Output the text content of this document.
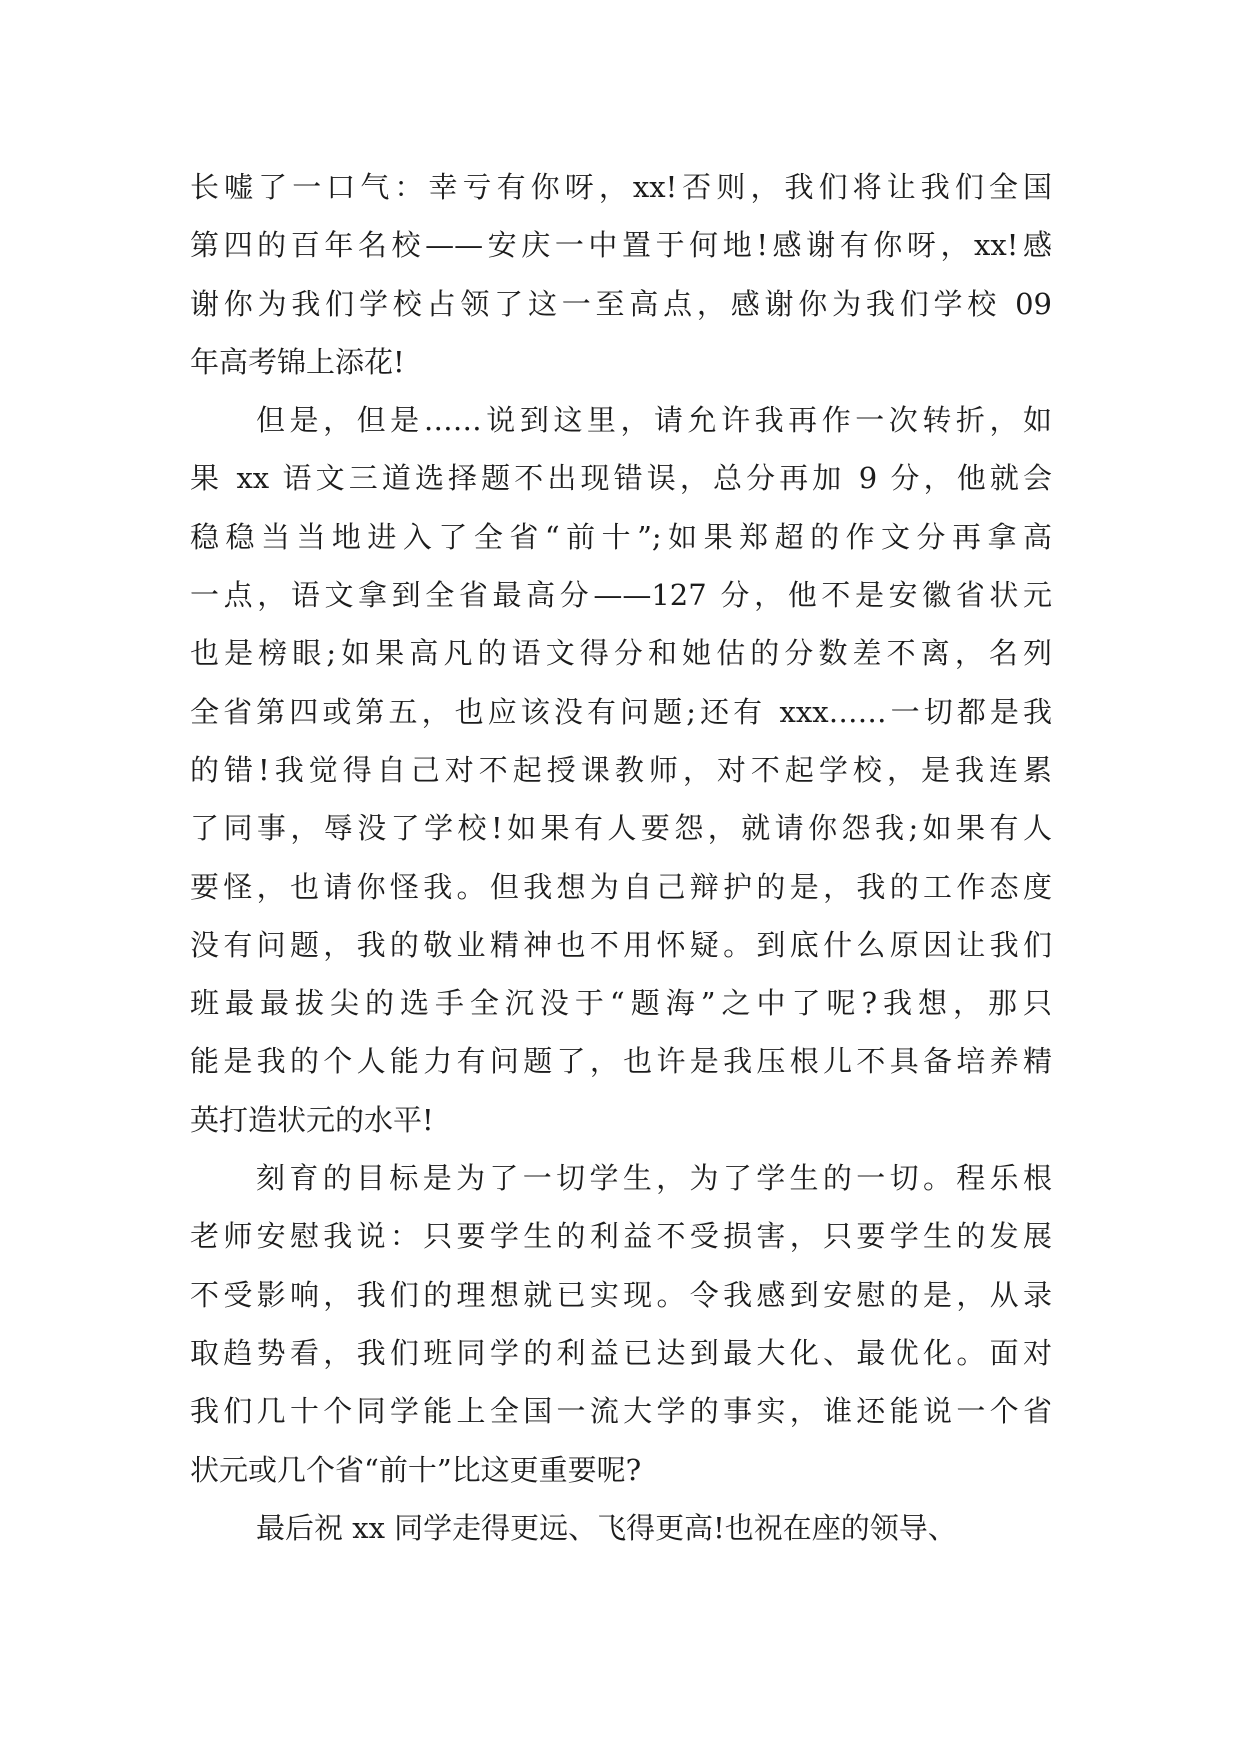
长嘘了一口气：幸亏有你呀，xx!否则，我们将让我们全国
第四的百年名校——安庆一中置于何地!感谢有你呀，xx!感
谢你为我们学校占领了这一至高点，感谢你为我们学校 09
年高考锦上添花!
但是，但是……说到这里，请允许我再作一次转折，如
果 xx 语文三道选择题不出现错误，总分再加 9 分，他就会
稳稳当当地进入了全省“前十”;如果郑超的作文分再拿高
一点，语文拿到全省最高分——127 分，他不是安徽省状元
也是榜眼;如果高凡的语文得分和她估的分数差不离，名列
全省第四或第五，也应该没有问题;还有 xxx……一切都是我
的错!我觉得自己对不起授课教师，对不起学校，是我连累
了同事，辱没了学校!如果有人要怨，就请你怨我;如果有人
要怪，也请你怪我。但我想为自己辩护的是，我的工作态度
没有问题，我的敬业精神也不用怀疑。到底什么原因让我们
班最最拔尖的选手全沉没于“题海”之中了呢?我想，那只
能是我的个人能力有问题了，也许是我压根儿不具备培养精
英打造状元的水平!
刻育的目标是为了一切学生，为了学生的一切。程乐根
老师安慰我说：只要学生的利益不受损害，只要学生的发展
不受影响，我们的理想就已实现。令我感到安慰的是，从录
取趋势看，我们班同学的利益已达到最大化、最优化。面对
我们几十个同学能上全国一流大学的事实，谁还能说一个省
状元或几个省“前十”比这更重要呢?
最后祝 xx 同学走得更远、飞得更高!也祝在座的领导、
